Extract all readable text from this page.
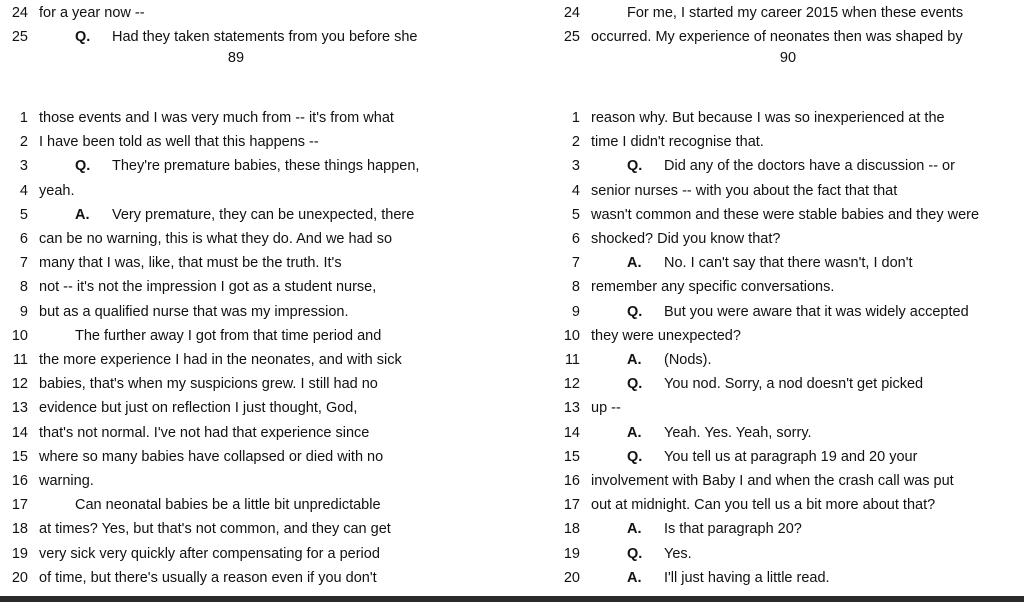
89
24 for a year now --
25	Q. Had they taken statements from you before she
1 those events and I was very much from -- it's from what
2 I have been told as well that this happens --
3	Q. They're premature babies, these things happen,
4 yeah.
5	A. Very premature, they can be unexpected, there
6 can be no warning, this is what they do. And we had so
7 many that I was, like, that must be the truth. It's
8 not -- it's not the impression I got as a student nurse,
9 but as a qualified nurse that was my impression.
10	The further away I got from that time period and
11 the more experience I had in the neonates, and with sick
12 babies, that's when my suspicions grew. I still had no
13 evidence but just on reflection I just thought, God,
14 that's not normal. I've not had that experience since
15 where so many babies have collapsed or died with no
16 warning.
17	Can neonatal babies be a little bit unpredictable
18 at times? Yes, but that's not common, and they can get
19 very sick very quickly after compensating for a period
20 of time, but there's usually a reason even if you don't
90
24	For me, I started my career 2015 when these events
25 occurred. My experience of neonates then was shaped by
1 reason why. But because I was so inexperienced at the
2 time I didn't recognise that.
3	Q. Did any of the doctors have a discussion -- or
4 senior nurses -- with you about the fact that that
5 wasn't common and these were stable babies and they were
6 shocked? Did you know that?
7	A. No. I can't say that there wasn't, I don't
8 remember any specific conversations.
9	Q. But you were aware that it was widely accepted
10 they were unexpected?
11	A. (Nods).
12	Q. You nod. Sorry, a nod doesn't get picked
13 up --
14	A. Yeah. Yes. Yeah, sorry.
15	Q. You tell us at paragraph 19 and 20 your
16 involvement with Baby I and when the crash call was put
17 out at midnight. Can you tell us a bit more about that?
18	A. Is that paragraph 20?
19	Q. Yes.
20	A. I'll just having a little read.
